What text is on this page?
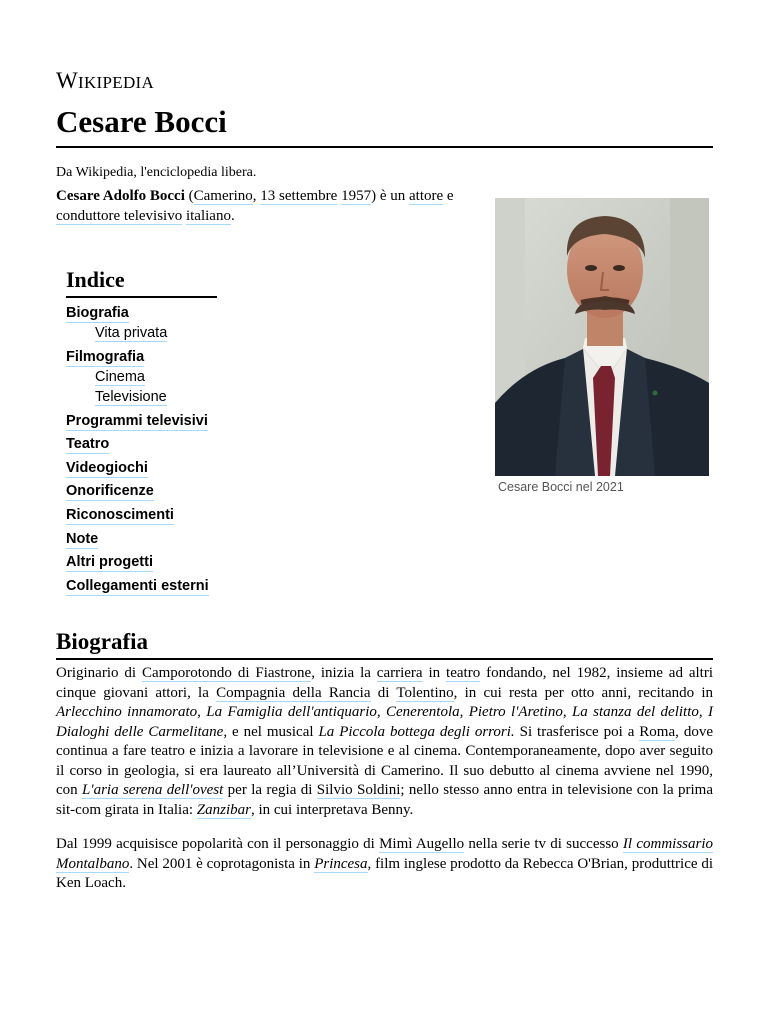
WIKIPEDIA
Cesare Bocci
Da Wikipedia, l'enciclopedia libera.
Cesare Adolfo Bocci (Camerino, 13 settembre 1957) è un attore e
conduttore televisivo italiano.
Cesare Bocci nel 2021
Indice
Biografia
Vita privata
Filmografia
Cinema
Televisione
Programmi televisivi
Teatro
Videogiochi
Onorificenze
Riconoscimenti
Note
Altri progetti
Collegamenti esterni
Biografia
Originario di Camporotondo di Fiastrone, inizia la carriera in teatro fondando, nel 1982, insieme ad altri cinque giovani attori, la Compagnia della Rancia di Tolentino, in cui resta per otto anni, recitando in Arlecchino innamorato, La Famiglia dell'antiquario, Cenerentola, Pietro l'Aretino, La stanza del delitto, I Dialoghi delle Carmelitane, e nel musical La Piccola bottega degli orrori. Si trasferisce poi a Roma, dove continua a fare teatro e inizia a lavorare in televisione e al cinema. Contemporaneamente, dopo aver seguito il corso in geologia, si era laureato all’Università di Camerino. Il suo debutto al cinema avviene nel 1990, con L'aria serena dell'ovest per la regia di Silvio Soldini; nello stesso anno entra in televisione con la prima sit-com girata in Italia: Zanzibar, in cui interpretava Benny.
Dal 1999 acquisisce popolarità con il personaggio di Mimì Augello nella serie tv di successo Il commissario Montalbano. Nel 2001 è coprotagonista in Princesa, film inglese prodotto da Rebecca O'Brian, produttrice di Ken Loach.
